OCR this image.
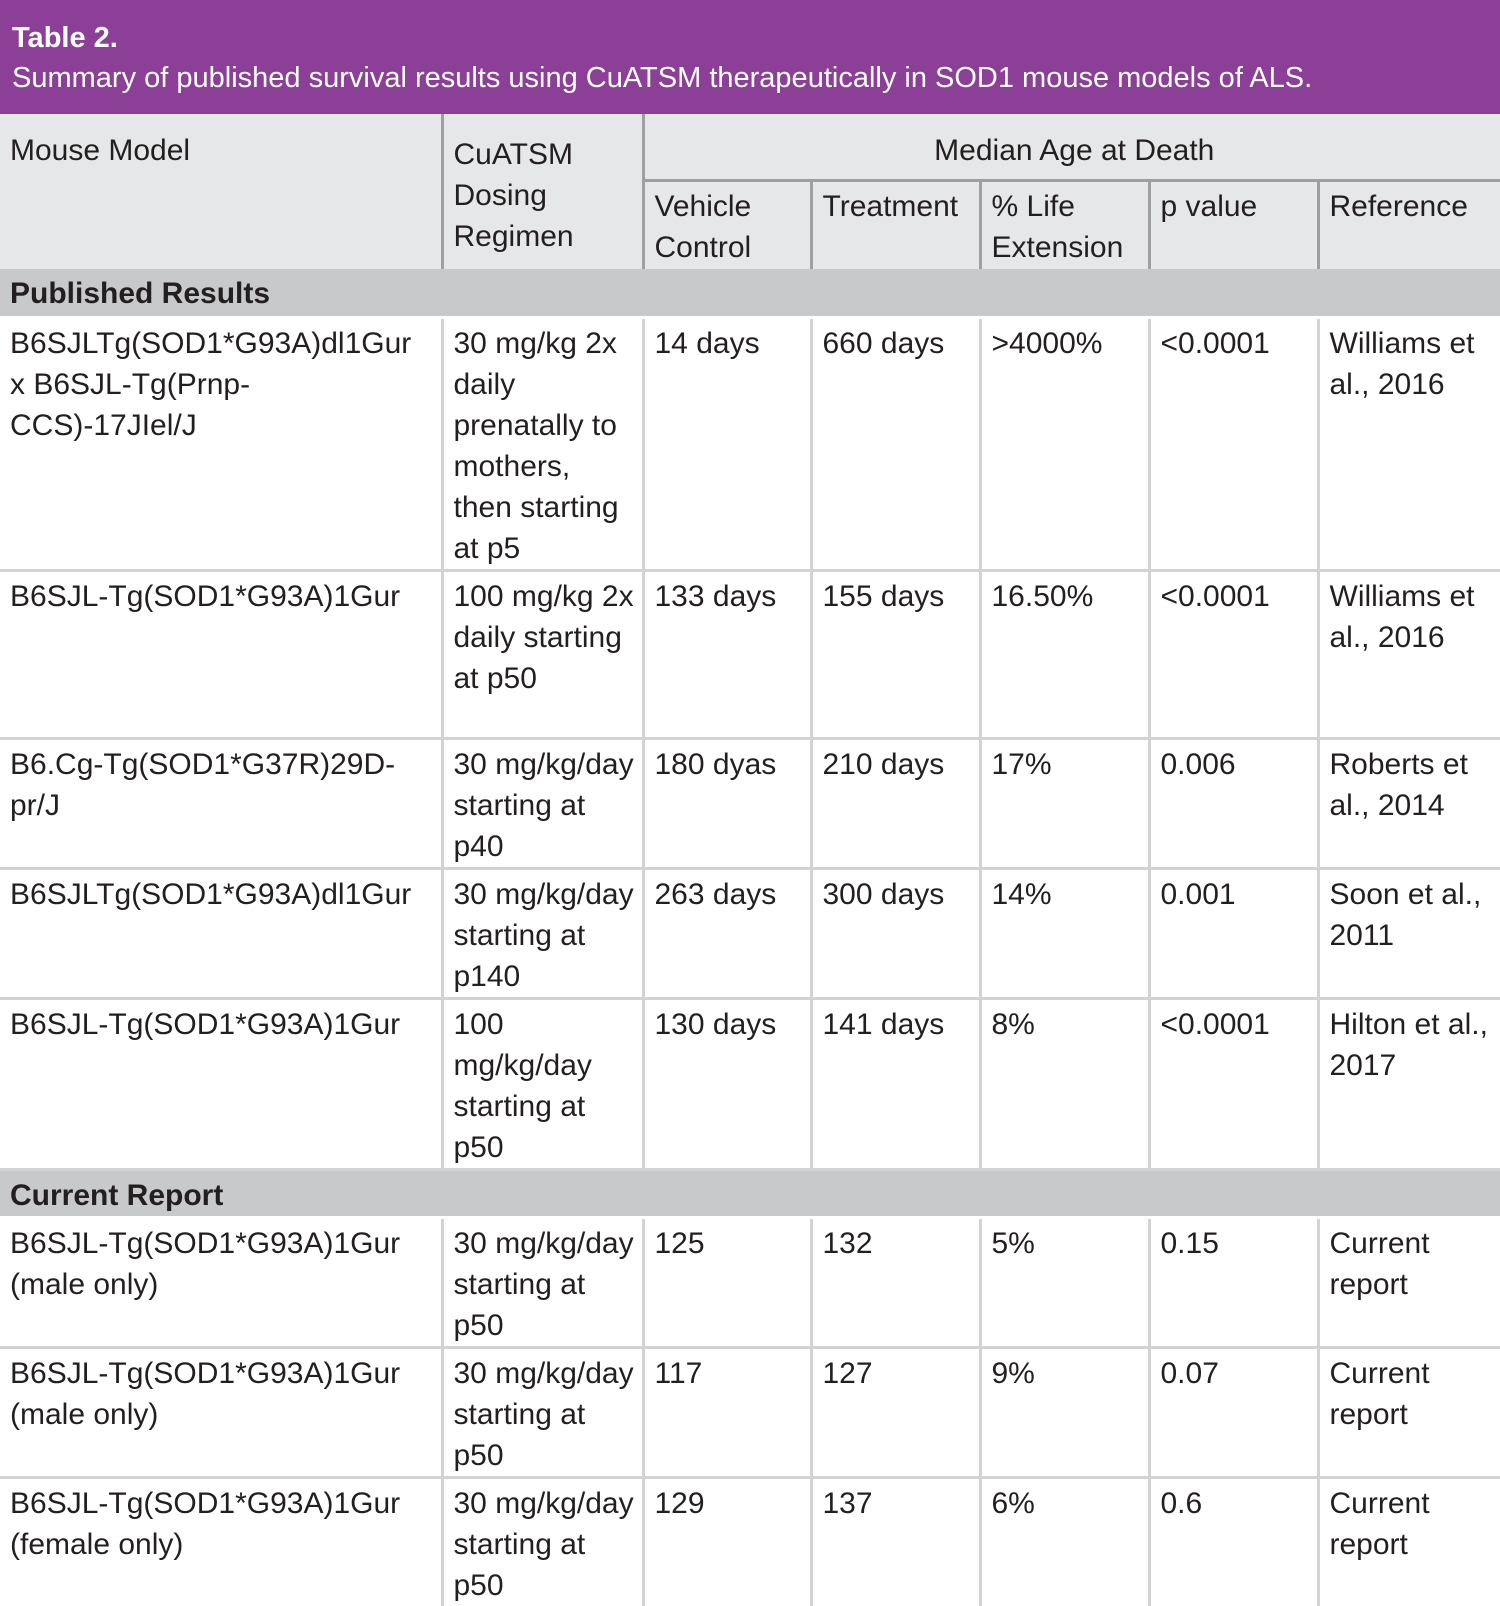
Table 2.
Summary of published survival results using CuATSM therapeutically in SOD1 mouse models of ALS.
Mouse Model	CuATSM Dosing Regimen	Median Age at Death				
		Vehicle Control	Treatment	% Life Extension	p value	Reference
Published Results						
B6SJLTg(SOD1*G93A)dl1Gur x B6SJL-Tg(Prnp-CCS)-17JIel/J	30 mg/kg 2x daily prenatally to mothers, then starting at p5	14 days	660 days	>4000%	<0.0001	Williams et al., 2016
B6SJL-Tg(SOD1*G93A)1Gur	100 mg/kg 2x daily starting at p50	133 days	155 days	16.50%	<0.0001	Williams et al., 2016
B6.Cg-Tg(SOD1*G37R)29D-pr/J	30 mg/kg/day starting at p40	180 dyas	210 days	17%	0.006	Roberts et al., 2014
B6SJLTg(SOD1*G93A)dl1Gur	30 mg/kg/day starting at p140	263 days	300 days	14%	0.001	Soon et al., 2011
B6SJL-Tg(SOD1*G93A)1Gur	100 mg/kg/day starting at p50	130 days	141 days	8%	<0.0001	Hilton et al., 2017
Current Report						
B6SJL-Tg(SOD1*G93A)1Gur (male only)	30 mg/kg/day starting at p50	125	132	5%	0.15	Current report
B6SJL-Tg(SOD1*G93A)1Gur (male only)	30 mg/kg/day starting at p50	117	127	9%	0.07	Current report
B6SJL-Tg(SOD1*G93A)1Gur (female only)	30 mg/kg/day starting at p50	129	137	6%	0.6	Current report
